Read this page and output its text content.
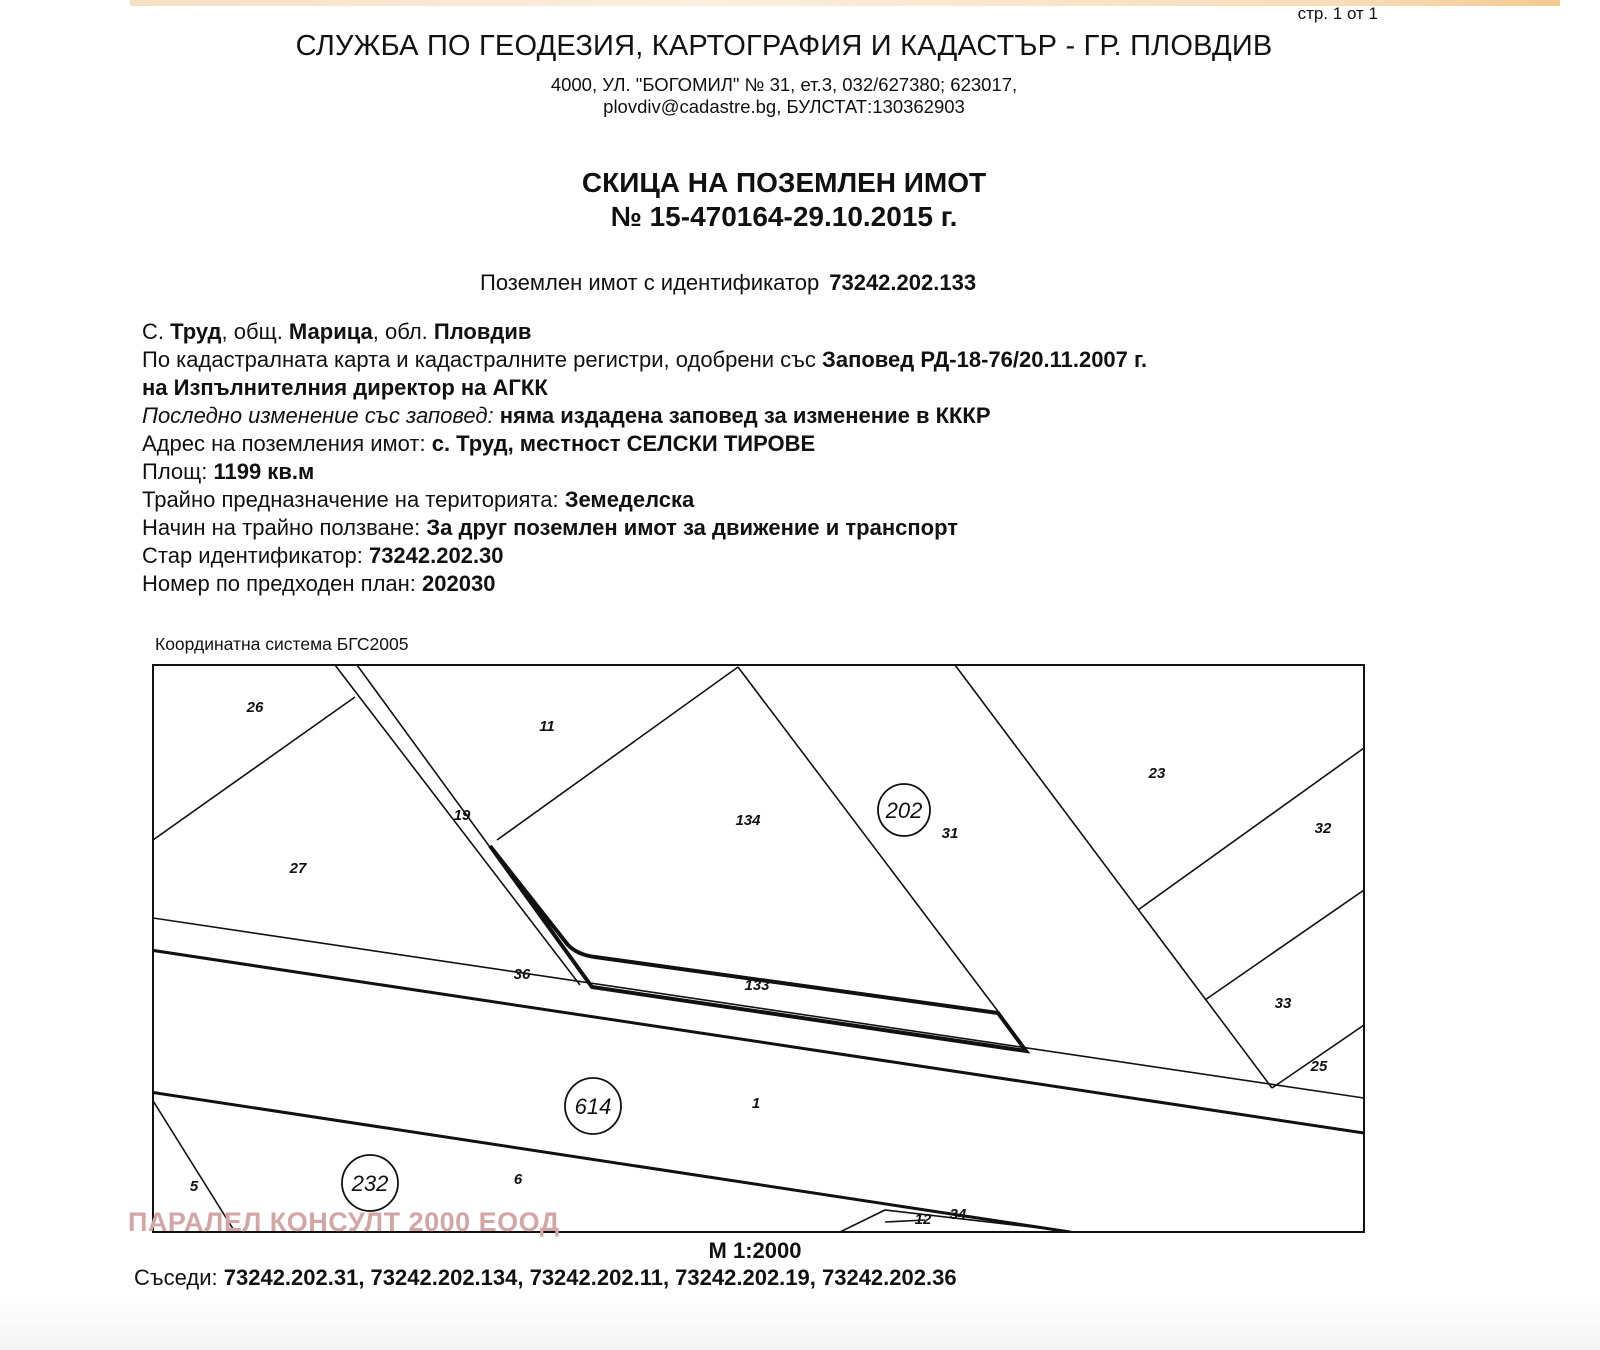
стр. 1 от 1
СЛУЖБА ПО ГЕОДЕЗИЯ, КАРТОГРАФИЯ И КАДАСТЪР - ГР. ПЛОВДИВ
4000, УЛ. "БОГОМИЛ" № 31, ет.3, 032/627380; 623017,
plovdiv@cadastre.bg, БУЛСТАТ:130362903
СКИЦА НА ПОЗЕМЛЕН ИМОТ
№ 15-470164-29.10.2015 г.
Поземлен имот с идентификатор 73242.202.133
С. Труд, общ. Марица, обл. Пловдив
По кадастралната карта и кадастралните регистри, одобрени със Заповед РД-18-76/20.11.2007 г.
на Изпълнителния директор на АГКК
Последно изменение със заповед: няма издадена заповед за изменение в КККР
Адрес на поземления имот: с. Труд, местност СЕЛСКИ ТИРОВЕ
Площ: 1199 кв.м
Трайно предназначение на територията: Земеделска
Начин на трайно ползване: За друг поземлен имот за движение и транспорт
Стар идентификатор: 73242.202.30
Номер по предходен план: 202030
Координатна система БГС2005
26
11
19	134
31
23
32
27
36
133
33
25
1
5	6
12 34
202
614
232
ПАРАЛЕЛ КОНСУЛТ 2000 ЕООД
М 1:2000
Съседи: 73242.202.31, 73242.202.134, 73242.202.11, 73242.202.19, 73242.202.36
